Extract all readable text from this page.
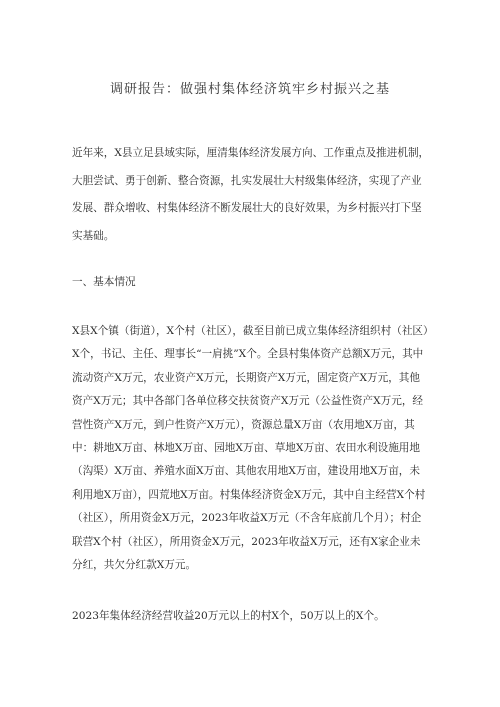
调研报告：做强村集体经济筑牢乡村振兴之基
近年来，X县立足县域实际，厘清集体经济发展方向、工作重点及推进机制，大胆尝试、勇于创新、整合资源，扎实发展壮大村级集体经济，实现了产业发展、群众增收、村集体经济不断发展壮大的良好效果，为乡村振兴打下坚实基础。
一、基本情况
X县X个镇（街道），X个村（社区），截至目前已成立集体经济组织村（社区）X个，书记、主任、理事长“一肩挑”X个。全县村集体资产总额X万元，其中流动资产X万元，农业资产X万元，长期资产X万元，固定资产X万元，其他资产X万元；其中各部门各单位移交扶贫资产X万元（公益性资产X万元，经营性资产X万元，到户性资产X万元），资源总量X万亩（农用地X万亩，其中：耕地X万亩、林地X万亩、园地X万亩、草地X万亩、农田水利设施用地（沟渠）X万亩、养殖水面X万亩、其他农用地X万亩，建设用地X万亩，未利用地X万亩），四荒地X万亩。村集体经济资金X万元，其中自主经营X个村（社区），所用资金X万元，2023年收益X万元（不含年底前几个月）；村企联营X个村（社区），所用资金X万元，2023年收益X万元，还有X家企业未分红，共欠分红款X万元。
2023年集体经济经营收益20万元以上的村X个，50万以上的X个。
